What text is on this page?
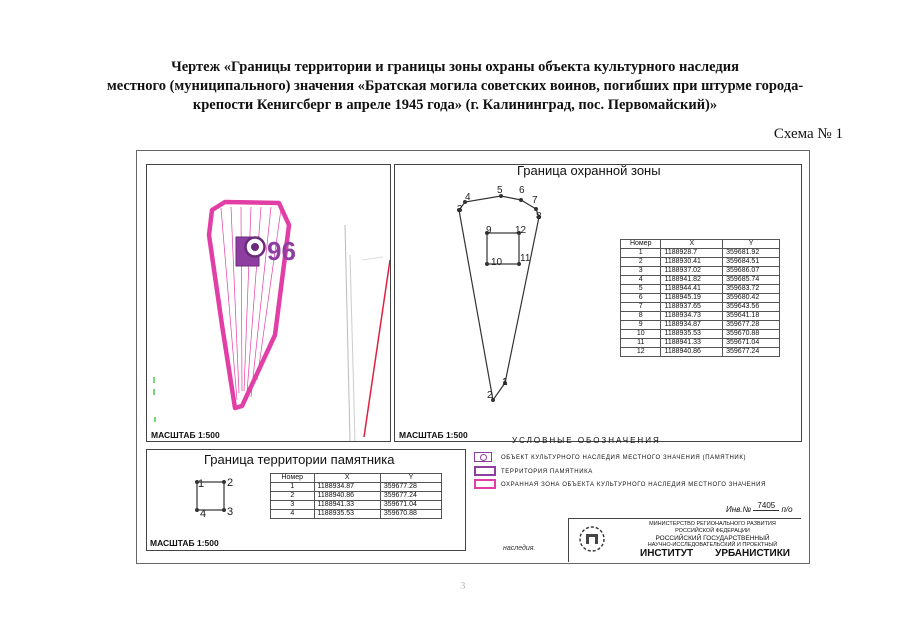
Чертеж «Границы территории и границы зоны охраны объекта культурного наследия
местного (муниципального) значения «Братская могила советских воинов, погибших при штурме города-
крепости Кенигсберг в апреле 1945 года» (г. Калининград, пос. Первомайский)»
Схема № 1
96
МАСШТАБ 1:500
Граница охранной зоны
1
2
3
4
5 6
7
8
9
10 11
12
Номер	X	Y
1	1188928.7	359681.92
2	1188930.41	359684.51
3	1188937.02	359686.07
4	1188941.82	359685.74
5	1188944.41	359683.72
6	1188945.19	359680.42
7	1188937.65	359643.56
8	1188934.73	359641.18
9	1188934.87	359677.28
10	1188935.53	359670.88
11	1188941.33	359671.04
12	1188940.86	359677.24
МАСШТАБ 1:500
Граница территории памятника
1 2
3
4
Номер	X	Y
1	1188934.87	359677.28
2	1188940.86	359677.24
3	1188941.33	359671.04
4	1188935.53	359670.88
МАСШТАБ 1:500
УСЛОВНЫЕ ОБОЗНАЧЕНИЯ
ОБЪЕКТ КУЛЬТУРНОГО НАСЛЕДИЯ МЕСТНОГО ЗНАЧЕНИЯ (ПАМЯТНИК)
ТЕРРИТОРИЯ ПАМЯТНИКА
ОХРАННАЯ ЗОНА ОБЪЕКТА КУЛЬТУРНОГО НАСЛЕДИЯ МЕСТНОГО ЗНАЧЕНИЯ
Инв.№ 7405 п/о
МИНИСТЕРСТВО РЕГИОНАЛЬНОГО РАЗВИТИЯ
РОССИЙСКОЙ ФЕДЕРАЦИИ
РОССИЙСКИЙ ГОСУДАРСТВЕННЫЙ
НАУЧНО-ИССЛЕДОВАТЕЛЬСКИЙ И ПРОЕКТНЫЙ
ИНСТИТУТ УРБАНИСТИКИ
наследия.
3
